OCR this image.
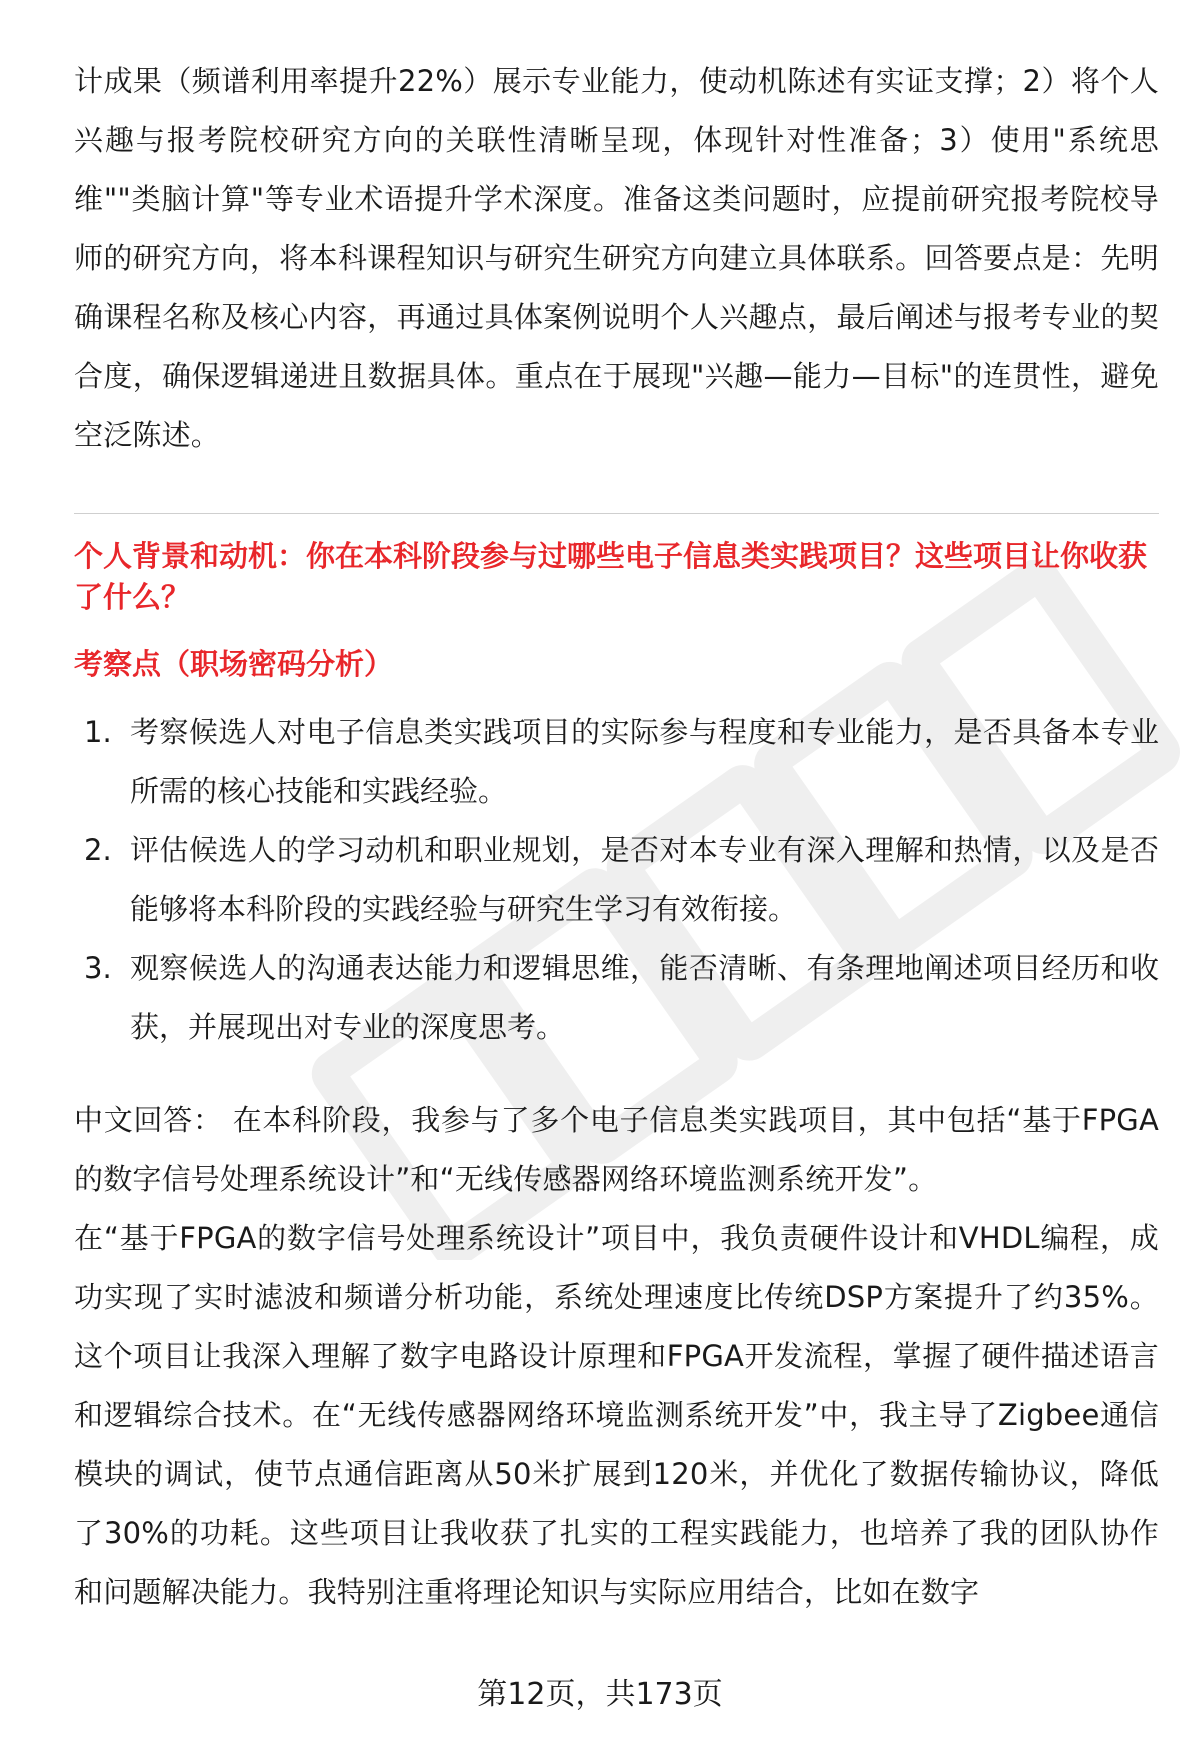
计成果（频谱利用率提升22%）展示专业能力，使动机陈述有实证支撑；2）将个人兴趣与报考院校研究方向的关联性清晰呈现，体现针对性准备；3）使用"系统思维""类脑计算"等专业术语提升学术深度。准备这类问题时，应提前研究报考院校导师的研究方向，将本科课程知识与研究生研究方向建立具体联系。回答要点是：先明确课程名称及核心内容，再通过具体案例说明个人兴趣点，最后阐述与报考专业的契合度，确保逻辑递进且数据具体。重点在于展现"兴趣—能力—目标"的连贯性，避免空泛陈述。

个人背景和动机：你在本科阶段参与过哪些电子信息类实践项目？这些项目让你收获了什么？
考察点（职场密码分析）
1. 考察候选人对电子信息类实践项目的实际参与程度和专业能力，是否具备本专业所需的核心技能和实践经验。
2. 评估候选人的学习动机和职业规划，是否对本专业有深入理解和热情，以及是否能够将本科阶段的实践经验与研究生学习有效衔接。
3. 观察候选人的沟通表达能力和逻辑思维，能否清晰、有条理地阐述项目经历和收获，并展现出对专业的深度思考。

中文回答： 在本科阶段，我参与了多个电子信息类实践项目，其中包括“基于FPGA的数字信号处理系统设计”和“无线传感器网络环境监测系统开发”。

在“基于FPGA的数字信号处理系统设计”项目中，我负责硬件设计和VHDL编程，成功实现了实时滤波和频谱分析功能，系统处理速度比传统DSP方案提升了约35%。这个项目让我深入理解了数字电路设计原理和FPGA开发流程，掌握了硬件描述语言和逻辑综合技术。在“无线传感器网络环境监测系统开发”中，我主导了Zigbee通信模块的调试，使节点通信距离从50米扩展到120米，并优化了数据传输协议，降低了30%的功耗。这些项目让我收获了扎实的工程实践能力，也培养了我的团队协作和问题解决能力。我特别注重将理论知识与实际应用结合，比如在数字

第12页，共173页
